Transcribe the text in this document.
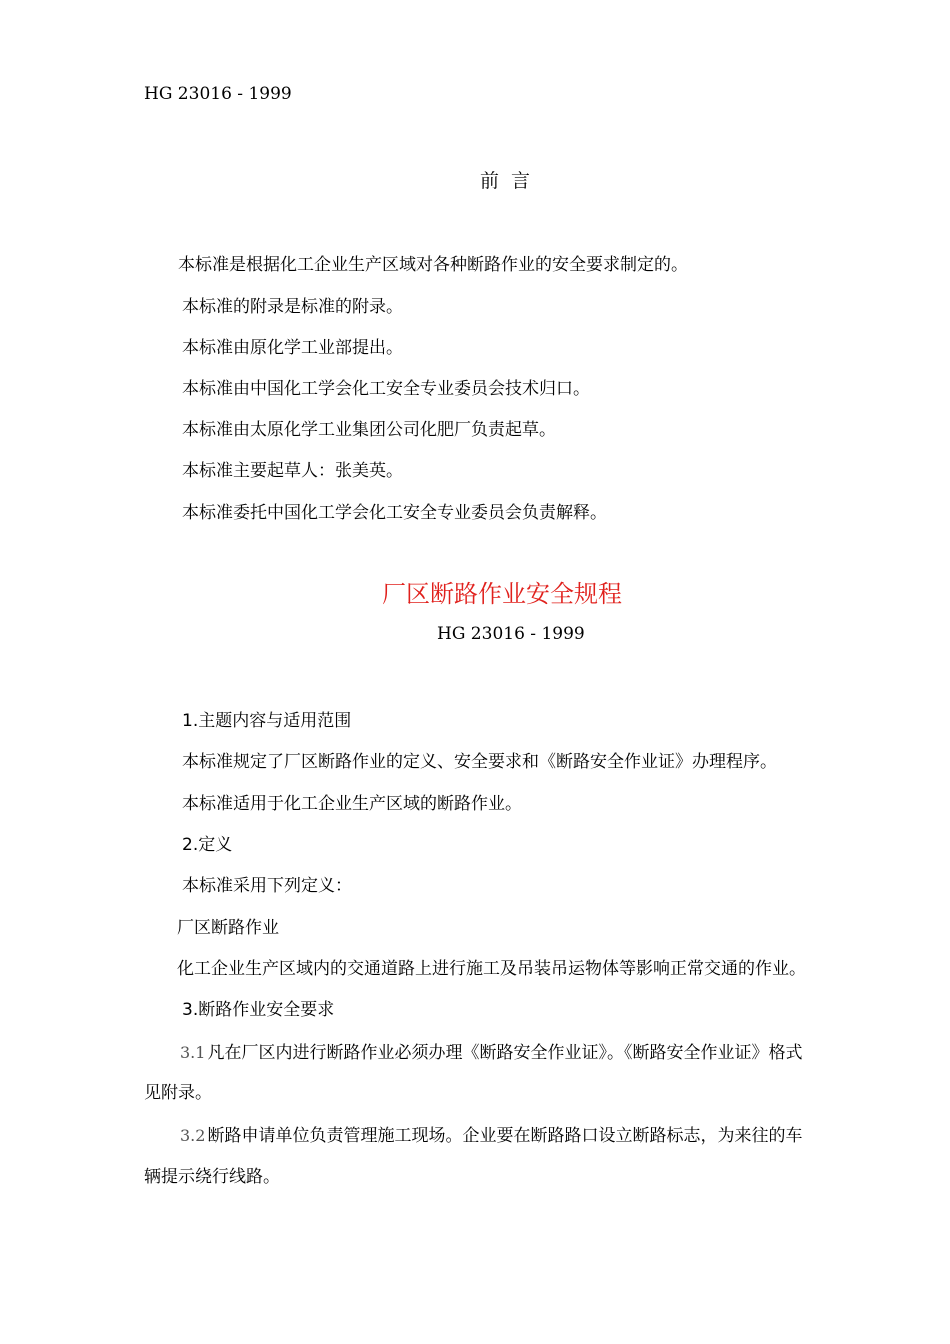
HG 23016 - 1999
前 言
本标准是根据化工企业生产区域对各种断路作业的安全要求制定的。
本标准的附录是标准的附录。
本标准由原化学工业部提出。
本标准由中国化工学会化工安全专业委员会技术归口。
本标准由太原化学工业集团公司化肥厂负责起草。
本标准主要起草人：张美英。
本标准委托中国化工学会化工安全专业委员会负责解释。
厂区断路作业安全规程
HG 23016 - 1999
1.主题内容与适用范围
本标准规定了厂区断路作业的定义、安全要求和《断路安全作业证》办理程序。
本标准适用于化工企业生产区域的断路作业。
2.定义
本标准采用下列定义：
厂区断路作业
化工企业生产区域内的交通道路上进行施工及吊装吊运物体等影响正常交通的作业。
3.断路作业安全要求
3.1 凡在厂区内进行断路作业必须办理《断路安全作业证》。《断路安全作业证》格式
见附录。
3.2 断路申请单位负责管理施工现场。企业要在断路路口设立断路标志，为来往的车
辆提示绕行线路。
